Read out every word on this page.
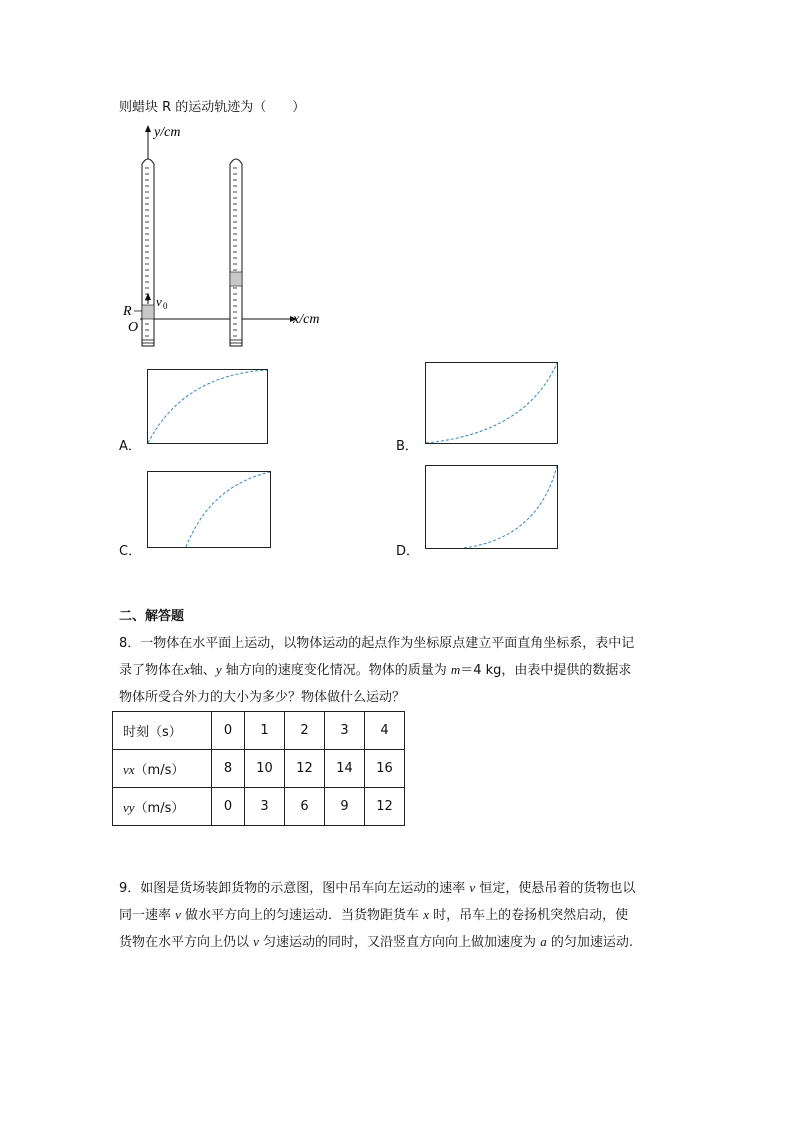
则蜡块 R 的运动轨迹为（　　）
y/cm
x/cm
R
O
v 0
A．	B．
C．	D．
二、解答题
8．一物体在水平面上运动，以物体运动的起点作为坐标原点建立平面直角坐标系，表中记
录了物体在x轴、y 轴方向的速度变化情况。物体的质量为 m＝4 kg，由表中提供的数据求
物体所受合外力的大小为多少？物体做什么运动？
时刻（s）	0	1	2	3	4
vx（m/s）	8	10	12	14	16
vy（m/s）	0	3	6	9	12
9．如图是货场装卸货物的示意图，图中吊车向左运动的速率 v 恒定，使悬吊着的货物也以
同一速率 v 做水平方向上的匀速运动．当货物距货车 x 时，吊车上的卷扬机突然启动，使
货物在水平方向上仍以 v 匀速运动的同时，又沿竖直方向向上做加速度为 a 的匀加速运动.
